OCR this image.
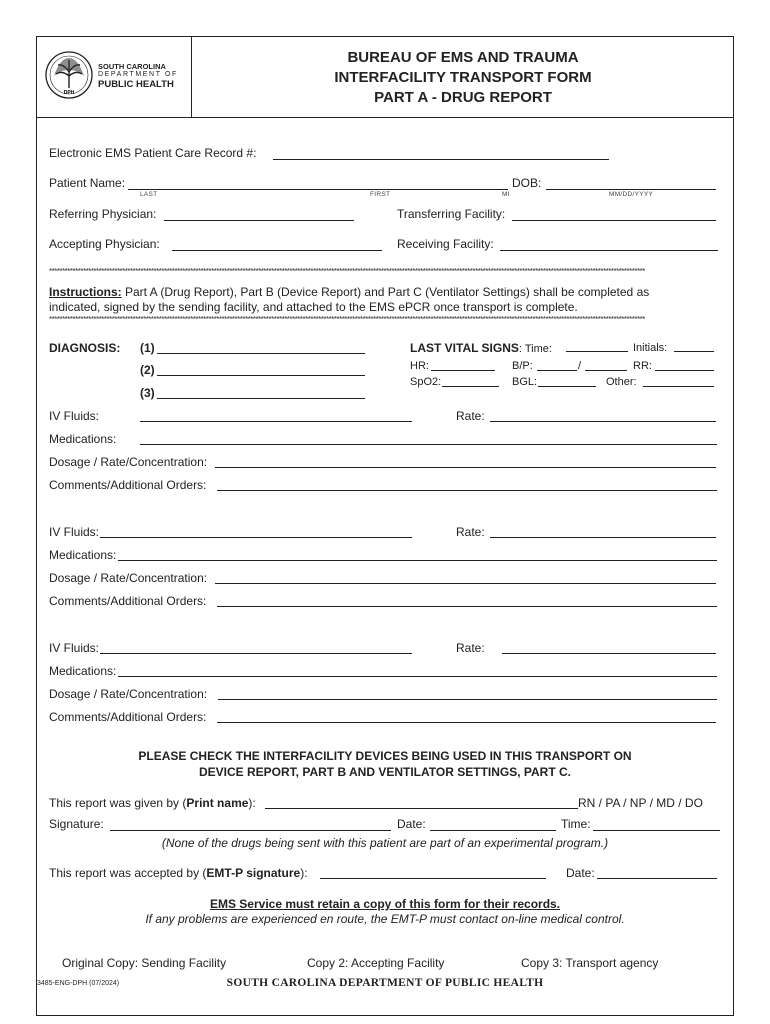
DPH
SOUTH CAROLINA
DEPARTMENT OF
PUBLIC HEALTH
BUREAU OF EMS AND TRAUMA
INTERFACILITY TRANSPORT FORM
PART A - DRUG REPORT
Electronic EMS Patient Care Record #:
Patient Name:
LAST	FIRST	MI
DOB:
MM/DD/YYYY
Referring Physician:	Transferring Facility:
Accepting Physician:	Receiving Facility:
************************************************************************************************************************************************************************************************************************************
Instructions: Part A (Drug Report), Part B (Device Report) and Part C (Ventilator Settings) shall be completed as
indicated, signed by the sending facility, and attached to the EMS ePCR once transport is complete.
************************************************************************************************************************************************************************************************************************************
DIAGNOSIS: (1)
(2)
(3)
LAST VITAL SIGNS: Time:	Initials:
HR:	B/P:	/	RR:
SpO2:	BGL:	Other:
IV Fluids:	Rate:
Medications:
Dosage / Rate/Concentration:
Comments/Additional Orders:
IV Fluids:	Rate:
Medications:
Dosage / Rate/Concentration:
Comments/Additional Orders:
IV Fluids:	Rate:
Medications:
Dosage / Rate/Concentration:
Comments/Additional Orders:
PLEASE CHECK THE INTERFACILITY DEVICES BEING USED IN THIS TRANSPORT ON
DEVICE REPORT, PART B AND VENTILATOR SETTINGS, PART C.
This report was given by (Print name):	RN / PA / NP / MD / DO
Signature:	Date:	Time:
(None of the drugs being sent with this patient are part of an experimental program.)
This report was accepted by (EMT-P signature):	Date:
EMS Service must retain a copy of this form for their records.
If any problems are experienced en route, the EMT-P must contact on-line medical control.
Original Copy: Sending Facility	Copy 2: Accepting Facility	Copy 3: Transport agency
3485-ENG-DPH (07/2024)	SOUTH CAROLINA DEPARTMENT OF PUBLIC HEALTH
